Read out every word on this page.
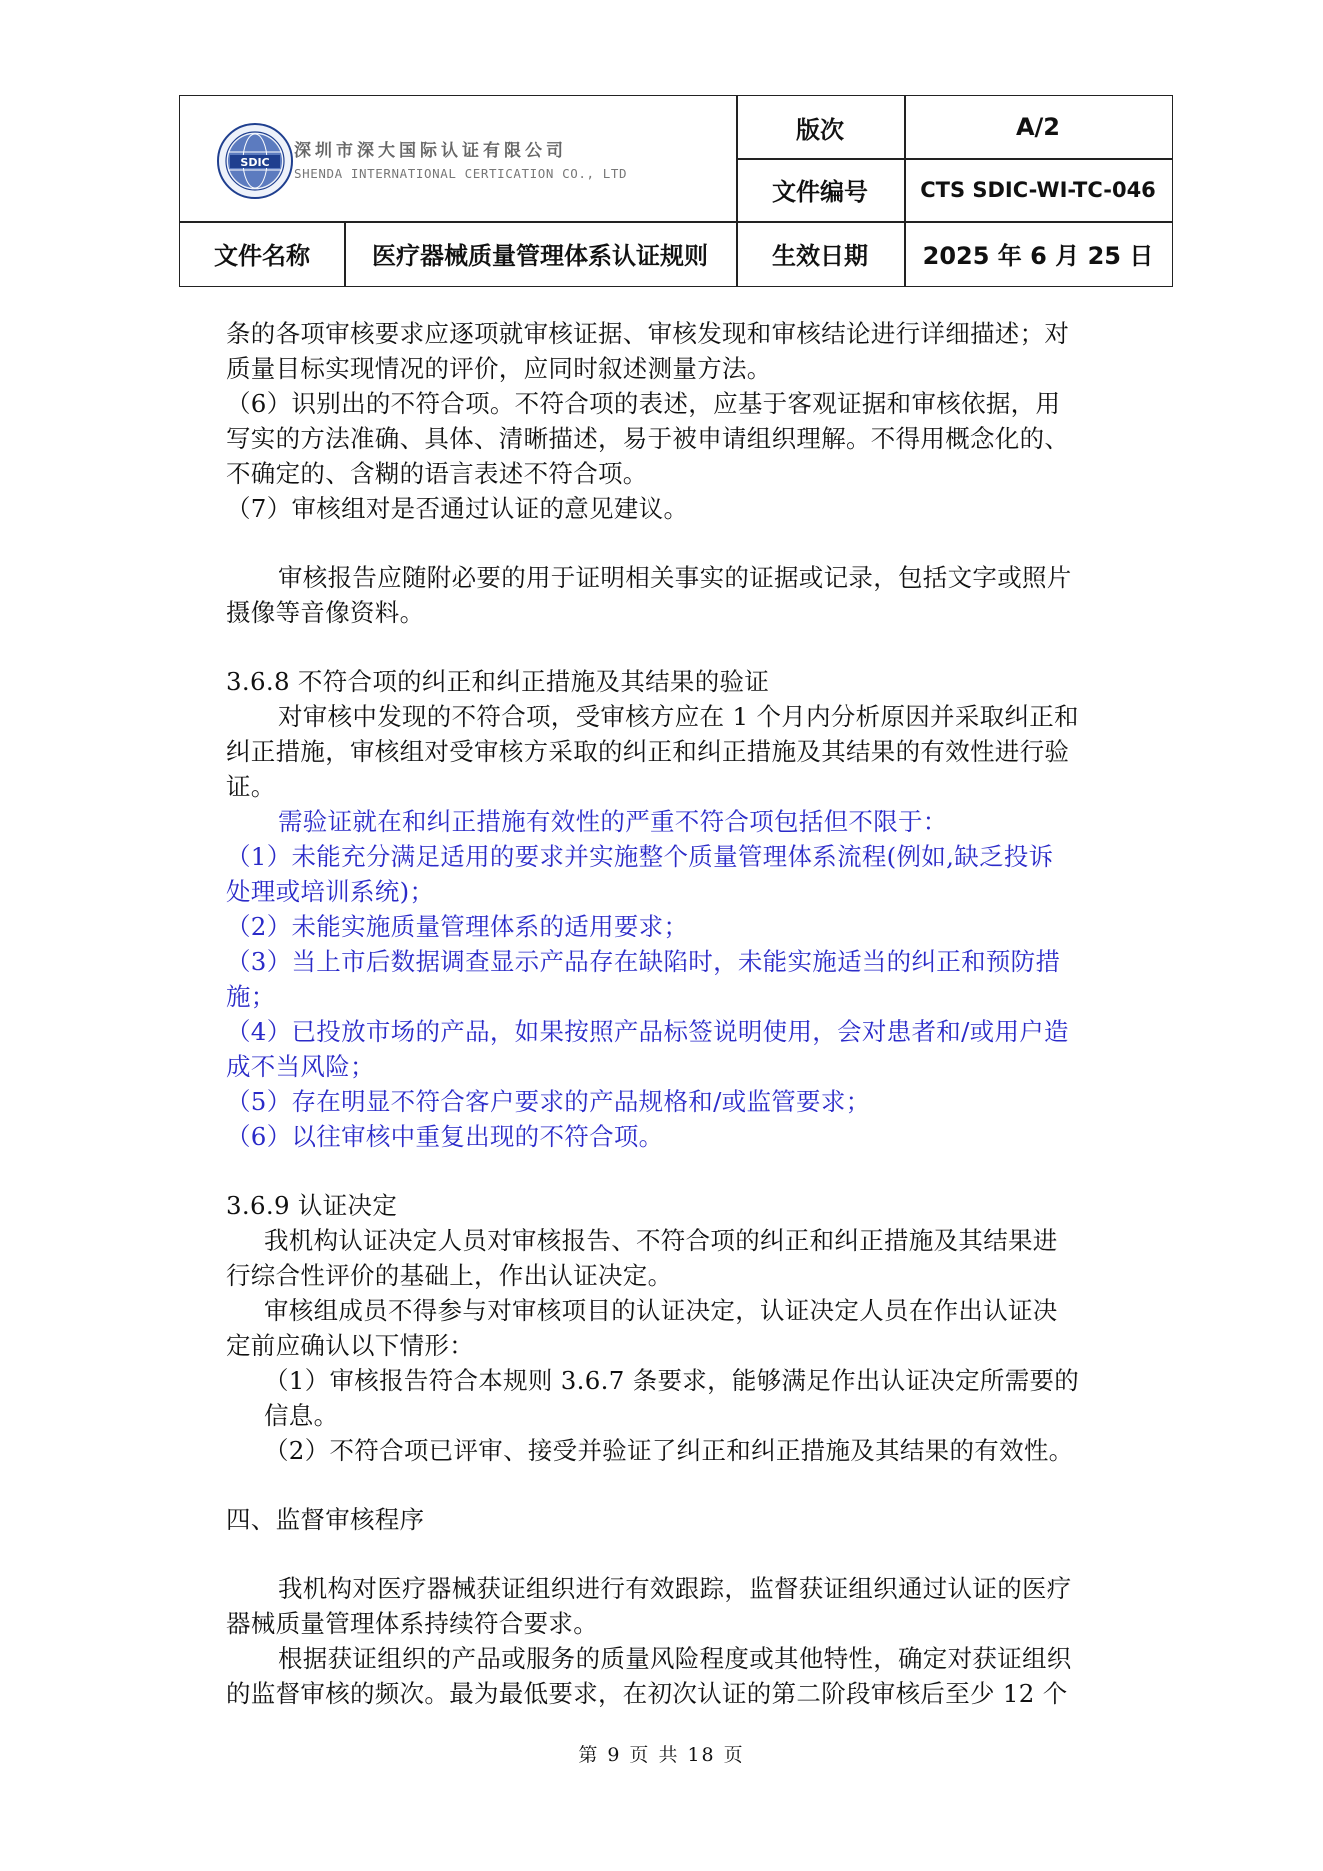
SDIC
深圳市深大国际认证有限公司
SHENDA INTERNATIONAL CERTICATION CO., LTD
版次	A/2
文件编号	CTS SDIC-WI-TC-046
文件名称	医疗器械质量管理体系认证规则	生效日期	2025 年 6 月 25 日
条的各项审核要求应逐项就审核证据、审核发现和审核结论进行详细描述；对
质量目标实现情况的评价，应同时叙述测量方法。
（6）识别出的不符合项。不符合项的表述，应基于客观证据和审核依据，用
写实的方法准确、具体、清晰描述，易于被申请组织理解。不得用概念化的、
不确定的、含糊的语言表述不符合项。
（7）审核组对是否通过认证的意见建议。
审核报告应随附必要的用于证明相关事实的证据或记录，包括文字或照片
摄像等音像资料。
3.6.8 不符合项的纠正和纠正措施及其结果的验证
对审核中发现的不符合项，受审核方应在 1 个月内分析原因并采取纠正和
纠正措施，审核组对受审核方采取的纠正和纠正措施及其结果的有效性进行验
证。
需验证就在和纠正措施有效性的严重不符合项包括但不限于：
（1）未能充分满足适用的要求并实施整个质量管理体系流程(例如,缺乏投诉
处理或培训系统)；
（2）未能实施质量管理体系的适用要求；
（3）当上市后数据调查显示产品存在缺陷时，未能实施适当的纠正和预防措
施；
（4）已投放市场的产品，如果按照产品标签说明使用，会对患者和/或用户造
成不当风险；
（5）存在明显不符合客户要求的产品规格和/或监管要求；
（6）以往审核中重复出现的不符合项。
3.6.9 认证决定
我机构认证决定人员对审核报告、不符合项的纠正和纠正措施及其结果进
行综合性评价的基础上，作出认证决定。
审核组成员不得参与对审核项目的认证决定，认证决定人员在作出认证决
定前应确认以下情形：
（1）审核报告符合本规则 3.6.7 条要求，能够满足作出认证决定所需要的
信息。
（2）不符合项已评审、接受并验证了纠正和纠正措施及其结果的有效性。
四、监督审核程序
我机构对医疗器械获证组织进行有效跟踪，监督获证组织通过认证的医疗
器械质量管理体系持续符合要求。
根据获证组织的产品或服务的质量风险程度或其他特性，确定对获证组织
的监督审核的频次。最为最低要求，在初次认证的第二阶段审核后至少 12 个
第 9 页 共 18 页
